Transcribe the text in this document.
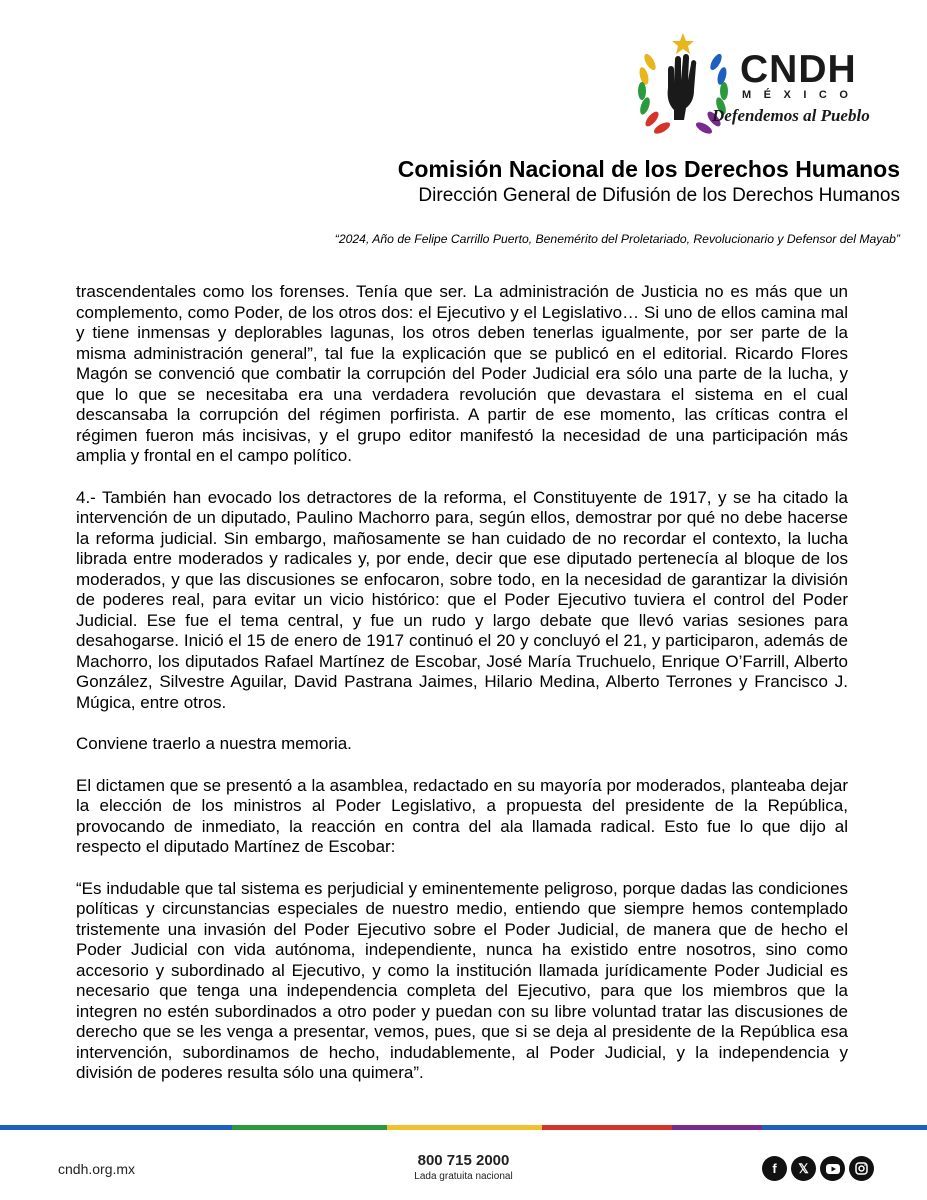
CNDH
MÉXICO
Defendemos al Pueblo
Comisión Nacional de los Derechos Humanos
Dirección General de Difusión de los Derechos Humanos
“2024, Año de Felipe Carrillo Puerto, Benemérito del Proletariado, Revolucionario y Defensor del Mayab”

trascendentales como los forenses. Tenía que ser. La administración de Justicia no es más que un complemento, como Poder, de los otros dos: el Ejecutivo y el Legislativo… Si uno de ellos camina mal y tiene inmensas y deplorables lagunas, los otros deben tenerlas igualmente, por ser parte de la misma administración general”, tal fue la explicación que se publicó en el editorial. Ricardo Flores Magón se convenció que combatir la corrupción del Poder Judicial era sólo una parte de la lucha, y que lo que se necesitaba era una verdadera revolución que devastara el sistema en el cual descansaba la corrupción del régimen porfirista. A partir de ese momento, las críticas contra el régimen fueron más incisivas, y el grupo editor manifestó la necesidad de una participación más amplia y frontal en el campo político.

4.- También han evocado los detractores de la reforma, el Constituyente de 1917, y se ha citado la intervención de un diputado, Paulino Machorro para, según ellos, demostrar por qué no debe hacerse la reforma judicial. Sin embargo, mañosamente se han cuidado de no recordar el contexto, la lucha librada entre moderados y radicales y, por ende, decir que ese diputado pertenecía al bloque de los moderados, y que las discusiones se enfocaron, sobre todo, en la necesidad de garantizar la división de poderes real, para evitar un vicio histórico: que el Poder Ejecutivo tuviera el control del Poder Judicial. Ese fue el tema central, y fue un rudo y largo debate que llevó varias sesiones para desahogarse. Inició el 15 de enero de 1917 continuó el 20 y concluyó el 21, y participaron, además de Machorro, los diputados Rafael Martínez de Escobar, José María Truchuelo, Enrique O’Farrill, Alberto González, Silvestre Aguilar, David Pastrana Jaimes, Hilario Medina, Alberto Terrones y Francisco J. Múgica, entre otros.

Conviene traerlo a nuestra memoria.

El dictamen que se presentó a la asamblea, redactado en su mayoría por moderados, planteaba dejar la elección de los ministros al Poder Legislativo, a propuesta del presidente de la República, provocando de inmediato, la reacción en contra del ala llamada radical. Esto fue lo que dijo al respecto el diputado Martínez de Escobar:

“Es indudable que tal sistema es perjudicial y eminentemente peligroso, porque dadas las condiciones políticas y circunstancias especiales de nuestro medio, entiendo que siempre hemos contemplado tristemente una invasión del Poder Ejecutivo sobre el Poder Judicial, de manera que de hecho el Poder Judicial con vida autónoma, independiente, nunca ha existido entre nosotros, sino como accesorio y subordinado al Ejecutivo, y como la institución llamada jurídicamente Poder Judicial es necesario que tenga una independencia completa del Ejecutivo, para que los miembros que la integren no estén subordinados a otro poder y puedan con su libre voluntad tratar las discusiones de derecho que se les venga a presentar, vemos, pues, que si se deja al presidente de la República esa intervención, subordinamos de hecho, indudablemente, al Poder Judicial, y la independencia y división de poderes resulta sólo una quimera”.

cndh.org.mx	800 715 2000
Lada gratuita nacional
f	𝕏
